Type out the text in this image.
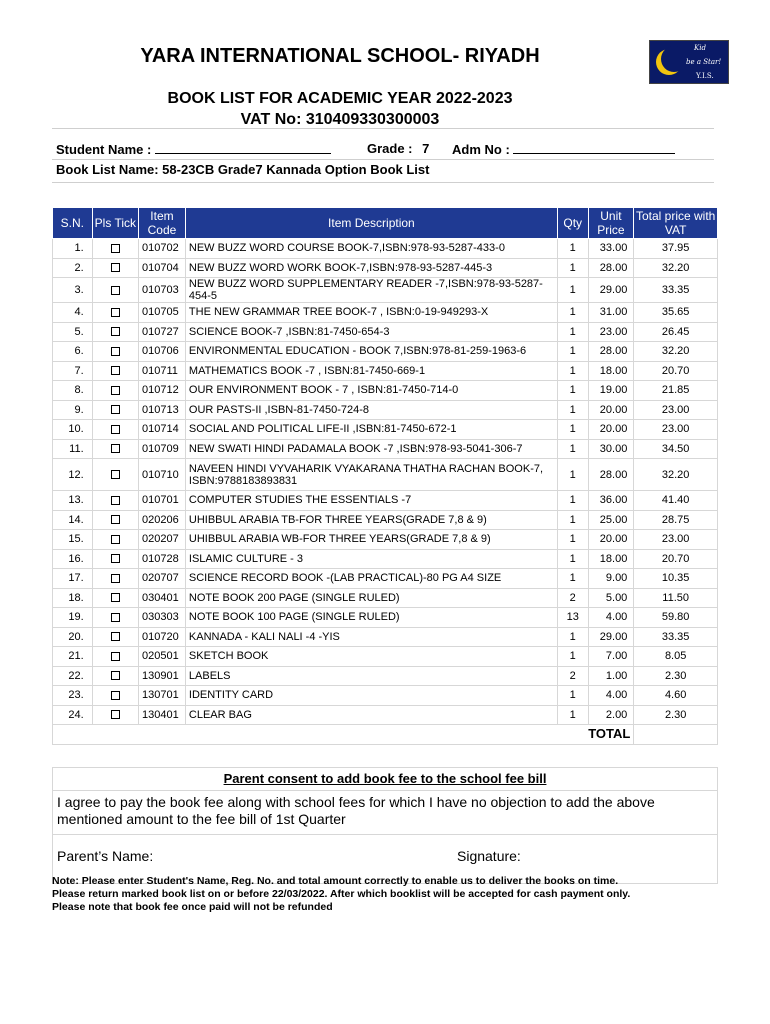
YARA INTERNATIONAL SCHOOL- RIYADH
BOOK LIST FOR ACADEMIC YEAR 2022-2023
VAT No: 310409330300003
Kid
be a Star!
Y.I.S.
Student Name :	Grade : 7 Adm No :
Book List Name: 58-23CB Grade7 Kannada Option Book List
S.N.	Pls Tick	Item Code	Item Description	Qty	Unit Price	Total price with VAT
1.		010702	NEW BUZZ WORD COURSE BOOK-7,ISBN:978-93-5287-433-0	1	33.00	37.95
2.		010704	NEW BUZZ WORD WORK BOOK-7,ISBN:978-93-5287-445-3	1	28.00	32.20
3.		010703	NEW BUZZ WORD SUPPLEMENTARY READER -7,ISBN:978-93-5287-454-5	1	29.00	33.35
4.		010705	THE NEW GRAMMAR TREE BOOK-7 , ISBN:0-19-949293-X	1	31.00	35.65
5.		010727	SCIENCE BOOK-7 ,ISBN:81-7450-654-3	1	23.00	26.45
6.		010706	ENVIRONMENTAL EDUCATION - BOOK 7,ISBN:978-81-259-1963-6	1	28.00	32.20
7.		010711	MATHEMATICS BOOK -7 , ISBN:81-7450-669-1	1	18.00	20.70
8.		010712	OUR ENVIRONMENT BOOK - 7 , ISBN:81-7450-714-0	1	19.00	21.85
9.		010713	OUR PASTS-II ,ISBN-81-7450-724-8	1	20.00	23.00
10.		010714	SOCIAL AND POLITICAL LIFE-II ,ISBN:81-7450-672-1	1	20.00	23.00
11.		010709	NEW SWATI HINDI PADAMALA BOOK -7 ,ISBN:978-93-5041-306-7	1	30.00	34.50
12.		010710	NAVEEN HINDI VYVAHARIK VYAKARANA THATHA RACHAN BOOK-7, ISBN:9788183893831	1	28.00	32.20
13.		010701	COMPUTER STUDIES THE ESSENTIALS -7	1	36.00	41.40
14.		020206	UHIBBUL ARABIA TB-FOR THREE YEARS(GRADE 7,8 & 9)	1	25.00	28.75
15.		020207	UHIBBUL ARABIA WB-FOR THREE YEARS(GRADE 7,8 & 9)	1	20.00	23.00
16.		010728	ISLAMIC CULTURE - 3	1	18.00	20.70
17.		020707	SCIENCE RECORD BOOK -(LAB PRACTICAL)-80 PG A4 SIZE	1	9.00	10.35
18.		030401	NOTE BOOK 200 PAGE (SINGLE RULED)	2	5.00	11.50
19.		030303	NOTE BOOK 100 PAGE (SINGLE RULED)	13	4.00	59.80
20.		010720	KANNADA - KALI NALI -4 -YIS	1	29.00	33.35
21.		020501	SKETCH BOOK	1	7.00	8.05
22.		130901	LABELS	2	1.00	2.30
23.		130701	IDENTITY CARD	1	4.00	4.60
24.		130401	CLEAR BAG	1	2.00	2.30
TOTAL						
Parent consent to add book fee to the school fee bill
I agree to pay the book fee along with school fees for which I have no objection to add the above mentioned amount to the fee bill of 1st Quarter
Parent’s Name:	Signature:
Note: Please enter Student's Name, Reg. No. and total amount correctly to enable us to deliver the books on time.
Please return marked book list on or before 22/03/2022. After which booklist will be accepted for cash payment only.
Please note that book fee once paid will not be refunded
